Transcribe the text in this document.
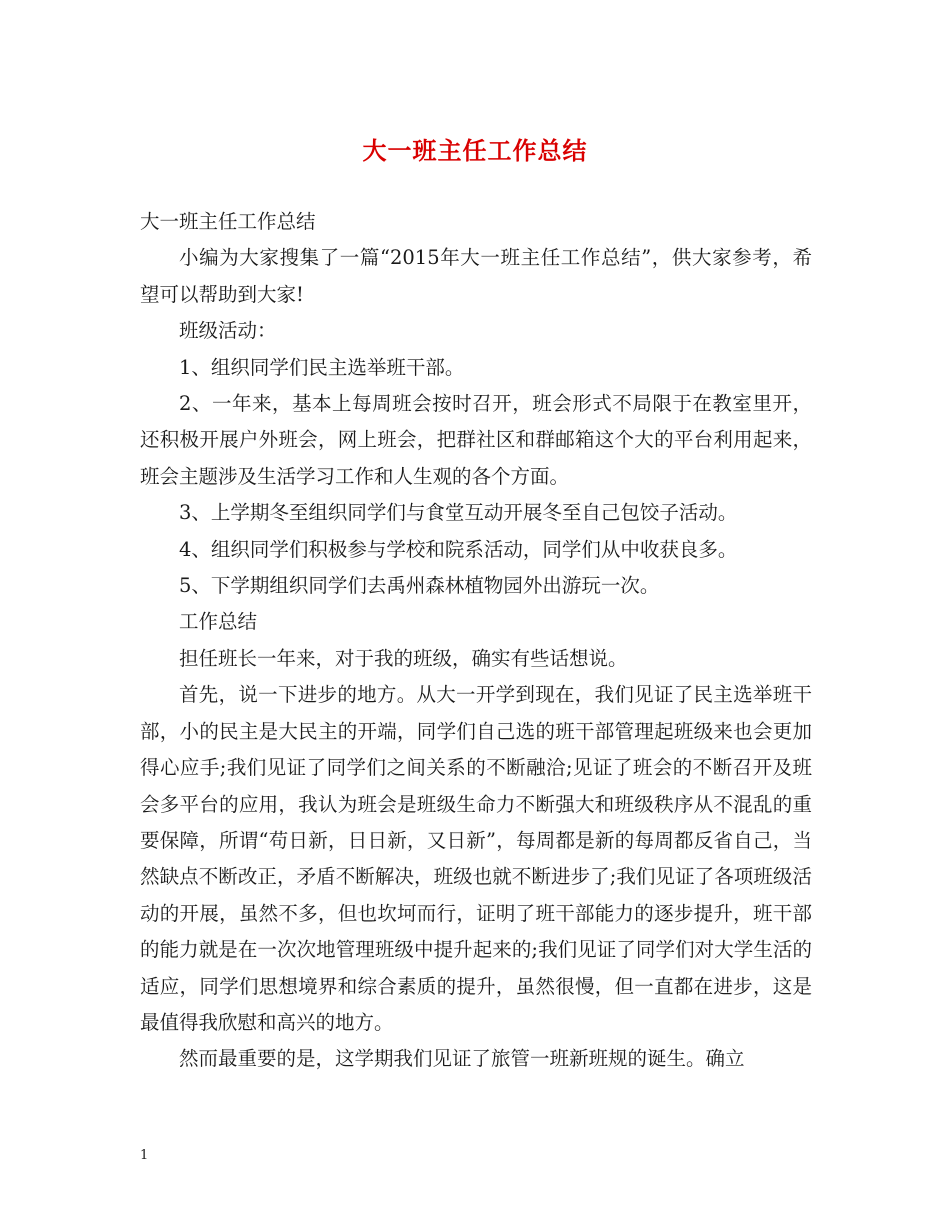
大一班主任工作总结

大一班主任工作总结

小编为大家搜集了一篇“2015年大一班主任工作总结”，供大家参考，希望可以帮助到大家!

班级活动：

1、组织同学们民主选举班干部。

2、一年来，基本上每周班会按时召开，班会形式不局限于在教室里开，还积极开展户外班会，网上班会，把群社区和群邮箱这个大的平台利用起来，班会主题涉及生活学习工作和人生观的各个方面。

3、上学期冬至组织同学们与食堂互动开展冬至自己包饺子活动。

4、组织同学们积极参与学校和院系活动，同学们从中收获良多。

5、下学期组织同学们去禹州森林植物园外出游玩一次。

工作总结

担任班长一年来，对于我的班级，确实有些话想说。

首先，说一下进步的地方。从大一开学到现在，我们见证了民主选举班干部，小的民主是大民主的开端，同学们自己选的班干部管理起班级来也会更加得心应手;我们见证了同学们之间关系的不断融洽;见证了班会的不断召开及班会多平台的应用，我认为班会是班级生命力不断强大和班级秩序从不混乱的重要保障，所谓“苟日新，日日新，又日新”，每周都是新的每周都反省自己，当然缺点不断改正，矛盾不断解决，班级也就不断进步了;我们见证了各项班级活动的开展，虽然不多，但也坎坷而行，证明了班干部能力的逐步提升，班干部的能力就是在一次次地管理班级中提升起来的;我们见证了同学们对大学生活的适应，同学们思想境界和综合素质的提升，虽然很慢，但一直都在进步，这是最值得我欣慰和高兴的地方。

然而最重要的是，这学期我们见证了旅管一班新班规的诞生。确立

1
